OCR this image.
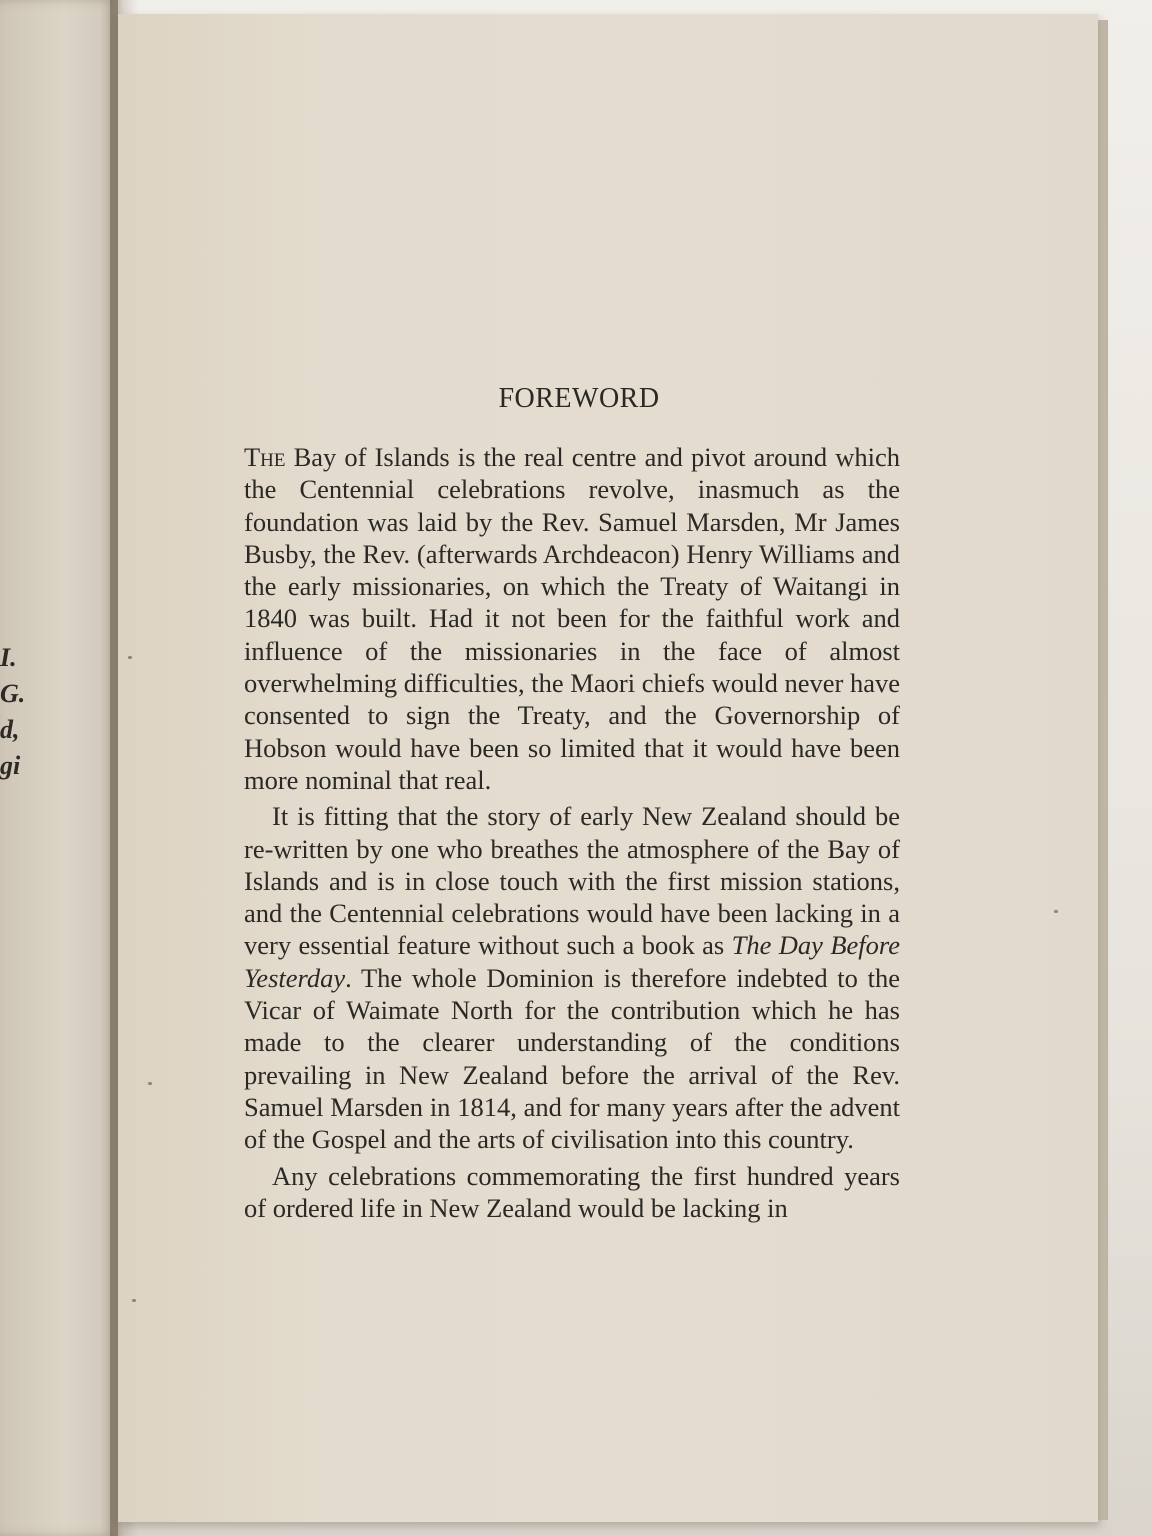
I.
G.
d,
gi
FOREWORD

The Bay of Islands is the real centre and pivot around which the Centennial celebrations revolve, inasmuch as the foundation was laid by the Rev. Samuel Marsden, Mr James Busby, the Rev. (afterwards Archdeacon) Henry Williams and the early missionaries, on which the Treaty of Waitangi in 1840 was built. Had it not been for the faithful work and influence of the missionaries in the face of almost overwhelming difficulties, the Maori chiefs would never have consented to sign the Treaty, and the Governorship of Hobson would have been so limited that it would have been more nominal that real.

It is fitting that the story of early New Zealand should be re-written by one who breathes the atmosphere of the Bay of Islands and is in close touch with the first mission stations, and the Centennial celebrations would have been lacking in a very essential feature without such a book as The Day Before Yesterday. The whole Dominion is therefore indebted to the Vicar of Waimate North for the contribution which he has made to the clearer understanding of the conditions prevailing in New Zealand before the arrival of the Rev. Samuel Marsden in 1814, and for many years after the advent of the Gospel and the arts of civilisation into this country.

Any celebrations commemorating the first hundred years of ordered life in New Zealand would be lacking in
